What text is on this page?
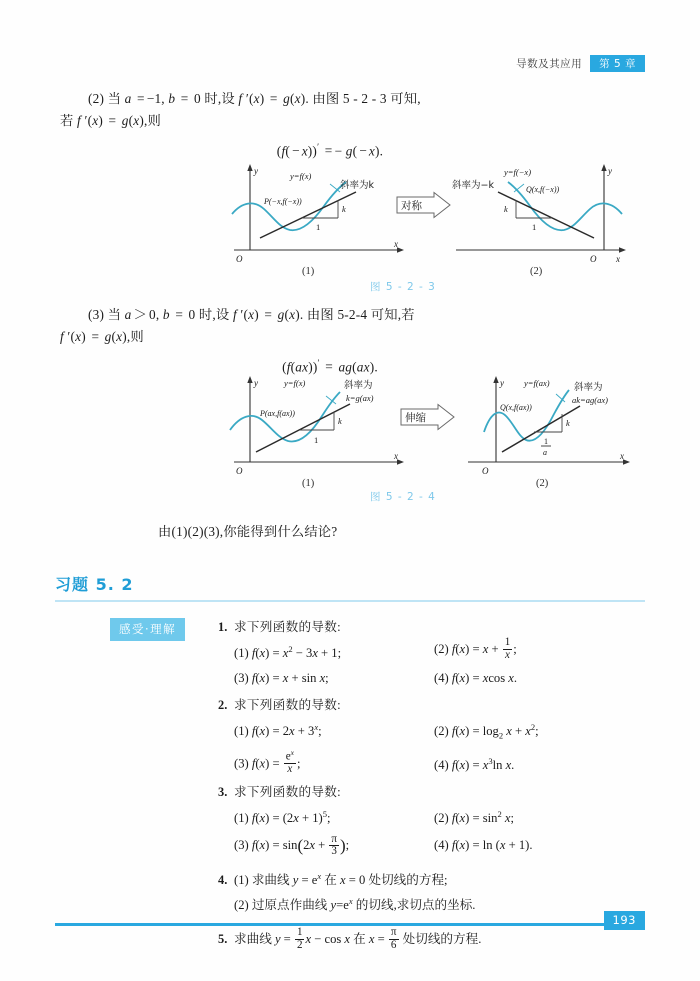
导数及其应用	第 5 章
(2) 当 a = −1, b = 0 时,设 f ′(x) = g(x). 由图 5 - 2 - 3 可知,
若 f ′(x) = g(x),则
(f( − x))′ = − g( − x).
y
x
O
y=f(x)
P(−x,f(−x))
斜率为k
k
1
(1)
对称
y
x
O
y=f(−x)
Q(x,f(−x))
斜率为−k
k
1
(2)
图 5 - 2 - 3
(3) 当 a ＞ 0, b = 0 时,设 f ′(x) = g(x). 由图 5-2-4 可知,若
f ′(x) = g(x),则
(f(ax))′ = ag(ax).
y
x
O
y=f(x)
P(ax,f(ax))
斜率为
k=g(ax)
k
1
(1)
伸缩
y
x
O
y=f(ax)
Q(x,f(ax))
斜率为
ak=ag(ax)
k
1
a
(2)
图 5 - 2 - 4
由(1)(2)(3),你能得到什么结论?
习题 5. 2
感受·理解	1. 求下列函数的导数:
(1) $f(x) = x^2 - 3x + 1$;	(2) $f(x) = x + \frac{1}{x}$ ;
(3) f(x) = x + sin x;	(4) f(x) = xcos x.
2. 求下列函数的导数:
(1) $f(x) = 2x + 3^x$;	(2) $f(x) = \log_2 x + x^2$;
(3) $f(x) = \frac{e^x}{x}$ ;	(4) $f(x) = x^3\ln$ x.
3. 求下列函数的导数:
(1) $f(x) = (2x + 1)^5$;	(2) $f(x) = \sin^2 x$;
(3) $f(x) = \sin(2x + \frac{\pi}{3}$ );	(4) f(x) = ln (x + 1).
4. (1) 求曲线 $y = e^x$ 在 x = 0 处切线的方程;
(2) 过原点作曲线 $y=e^x$ 的切线,求切点的坐标.
5. 求曲线 $y = \frac{1}{2}$ x − cos x 在 $x = \frac{\pi}{6}$ 处切线的方程.
193
